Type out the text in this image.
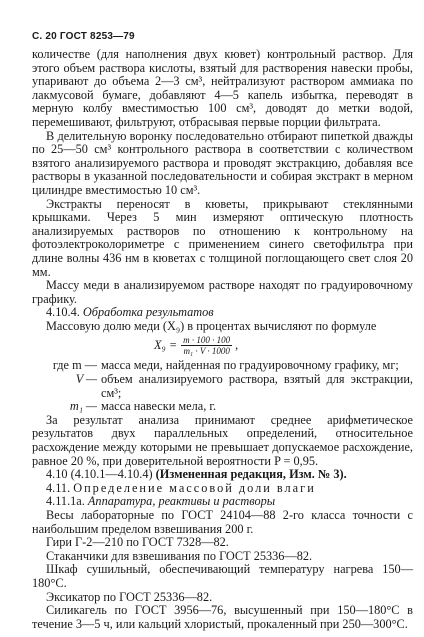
С. 20 ГОСТ 8253—79

количестве (для наполнения двух кювет) контрольный раствор. Для этого объем раствора кислоты, взятый для растворения навески пробы, упаривают до объема 2—3 см³, нейтрализуют раствором аммиака по лакмусовой бумаге, добавляют 4—5 капель избытка, переводят в мерную колбу вместимостью 100 см³, доводят до метки водой, перемешивают, фильтруют, отбрасывая первые порции фильтрата.

В делительную воронку последовательно отбирают пипеткой дважды по 25—50 см³ контрольного раствора в соответствии с количеством взятого анализируемого раствора и проводят экстракцию, добавляя все растворы в указанной последовательности и собирая экстракт в мерном цилиндре вместимостью 10 см³.

Экстракты переносят в кюветы, прикрывают стеклянными крышками. Через 5 мин измеряют оптическую плотность анализируемых растворов по отношению к контрольному на фотоэлектроколориметре с применением синего светофильтра при длине волны 436 нм в кюветах с толщиной поглощающего свет слоя 20 мм.

Массу меди в анализируемом растворе находят по градуировочному графику.

4.10.4. Обработка результатов

Массовую долю меди (X₉) в процентах вычисляют по формуле

$X_9 = \frac{m \cdot 100 \cdot 100}{\text{m₁ · V · 1000}}$ ,
где m — масса меди, найденная по градуировочному графику, мг;
V — объем анализируемого раствора, взятый для экстракции, см³;
m₁ — масса навески мела, г.

За результат анализа принимают среднее арифметическое результатов двух параллельных определений, относительное расхождение между которыми не превышает допускаемое расхождение, равное 20 %, при доверительной вероятности P = 0,95.

4.10 (4.10.1—4.10.4) (Измененная редакция, Изм. № 3).

4.11. Определение массовой доли влаги

4.11.1а. Аппаратура, реактивы и растворы

Весы лабораторные по ГОСТ 24104—88 2-го класса точности с наибольшим пределом взвешивания 200 г.

Гири Г-2—210 по ГОСТ 7328—82.

Стаканчики для взвешивания по ГОСТ 25336—82.

Шкаф сушильный, обеспечивающий температуру нагрева 150—180°С.

Эксикатор по ГОСТ 25336—82.

Силикагель по ГОСТ 3956—76, высушенный при 150—180°С в течение 3—5 ч, или кальций хлористый, прокаленный при 250—300°С.
